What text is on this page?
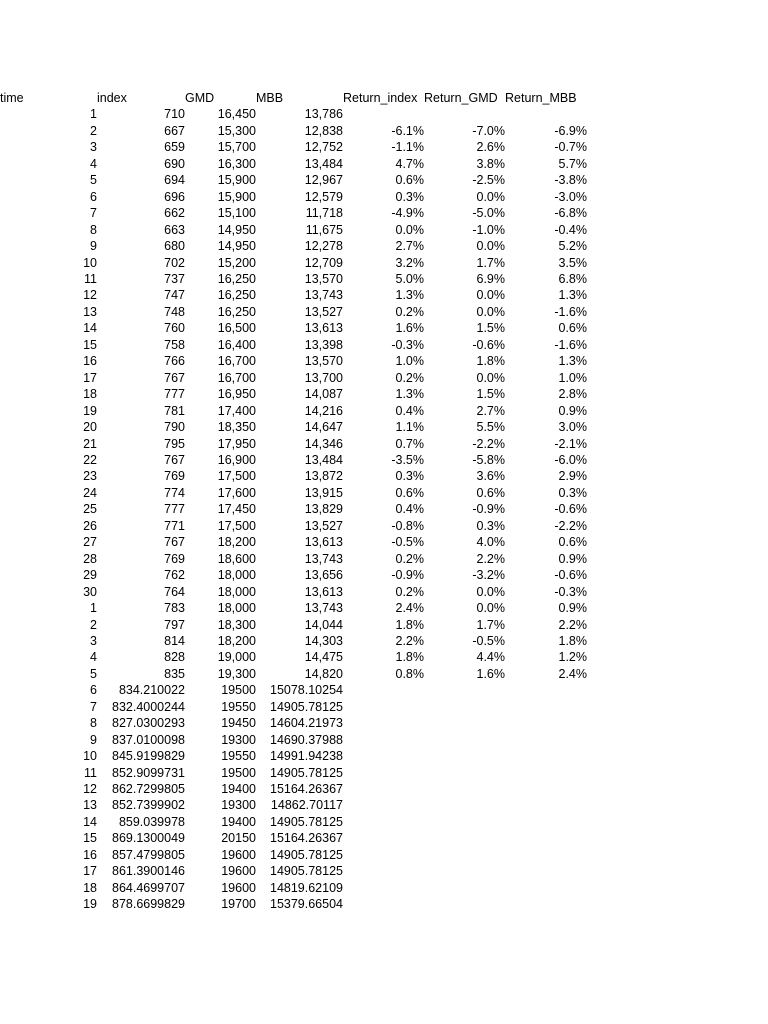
time	index	GMD	MBB	Return_index	Return_GMD	Return_MBB
1	710	16,450	13,786			
2	667	15,300	12,838	-6.1%	-7.0%	-6.9%
3	659	15,700	12,752	-1.1%	2.6%	-0.7%
4	690	16,300	13,484	4.7%	3.8%	5.7%
5	694	15,900	12,967	0.6%	-2.5%	-3.8%
6	696	15,900	12,579	0.3%	0.0%	-3.0%
7	662	15,100	11,718	-4.9%	-5.0%	-6.8%
8	663	14,950	11,675	0.0%	-1.0%	-0.4%
9	680	14,950	12,278	2.7%	0.0%	5.2%
10	702	15,200	12,709	3.2%	1.7%	3.5%
11	737	16,250	13,570	5.0%	6.9%	6.8%
12	747	16,250	13,743	1.3%	0.0%	1.3%
13	748	16,250	13,527	0.2%	0.0%	-1.6%
14	760	16,500	13,613	1.6%	1.5%	0.6%
15	758	16,400	13,398	-0.3%	-0.6%	-1.6%
16	766	16,700	13,570	1.0%	1.8%	1.3%
17	767	16,700	13,700	0.2%	0.0%	1.0%
18	777	16,950	14,087	1.3%	1.5%	2.8%
19	781	17,400	14,216	0.4%	2.7%	0.9%
20	790	18,350	14,647	1.1%	5.5%	3.0%
21	795	17,950	14,346	0.7%	-2.2%	-2.1%
22	767	16,900	13,484	-3.5%	-5.8%	-6.0%
23	769	17,500	13,872	0.3%	3.6%	2.9%
24	774	17,600	13,915	0.6%	0.6%	0.3%
25	777	17,450	13,829	0.4%	-0.9%	-0.6%
26	771	17,500	13,527	-0.8%	0.3%	-2.2%
27	767	18,200	13,613	-0.5%	4.0%	0.6%
28	769	18,600	13,743	0.2%	2.2%	0.9%
29	762	18,000	13,656	-0.9%	-3.2%	-0.6%
30	764	18,000	13,613	0.2%	0.0%	-0.3%
1	783	18,000	13,743	2.4%	0.0%	0.9%
2	797	18,300	14,044	1.8%	1.7%	2.2%
3	814	18,200	14,303	2.2%	-0.5%	1.8%
4	828	19,000	14,475	1.8%	4.4%	1.2%
5	835	19,300	14,820	0.8%	1.6%	2.4%
6	834.210022	19500	15078.10254			
7	832.4000244	19550	14905.78125			
8	827.0300293	19450	14604.21973			
9	837.0100098	19300	14690.37988			
10	845.9199829	19550	14991.94238			
11	852.9099731	19500	14905.78125			
12	862.7299805	19400	15164.26367			
13	852.7399902	19300	14862.70117			
14	859.039978	19400	14905.78125			
15	869.1300049	20150	15164.26367			
16	857.4799805	19600	14905.78125			
17	861.3900146	19600	14905.78125			
18	864.4699707	19600	14819.62109			
19	878.6699829	19700	15379.66504			
